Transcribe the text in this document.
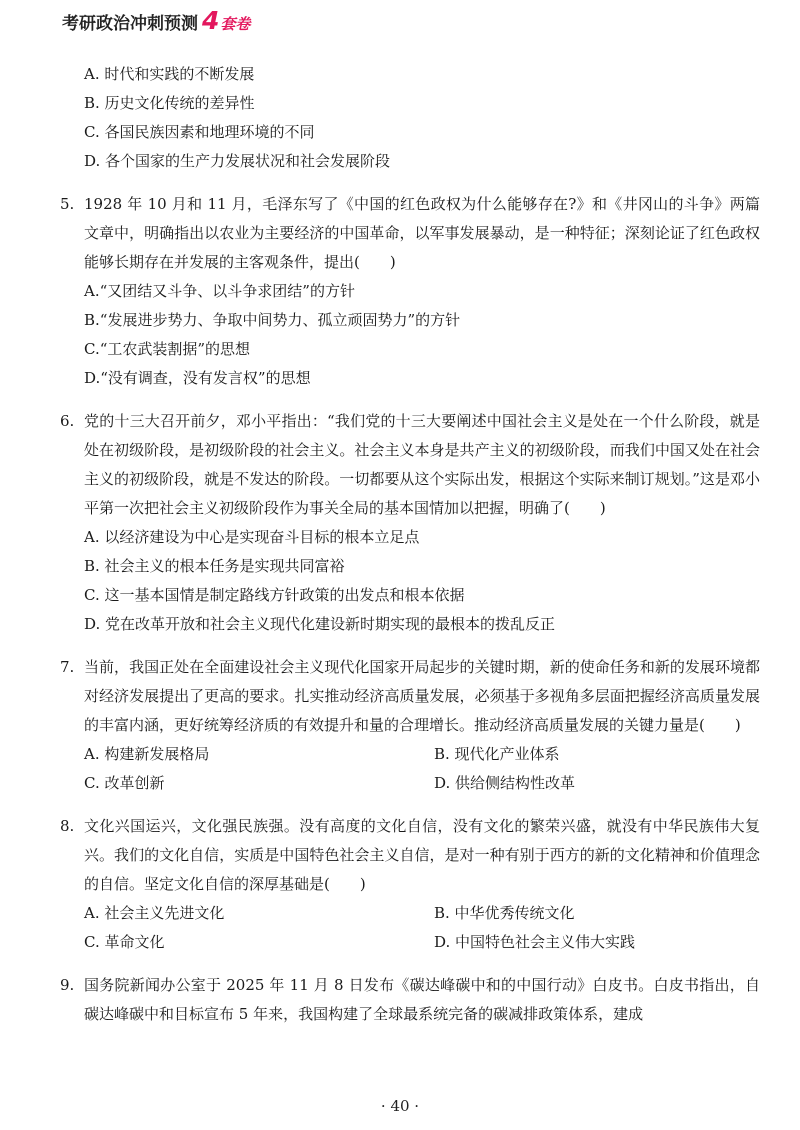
考研政治冲刺预测 4 套卷
A. 时代和实践的不断发展
B. 历史文化传统的差异性
C. 各国民族因素和地理环境的不同
D. 各个国家的生产力发展状况和社会发展阶段
5. 1928 年 10 月和 11 月，毛泽东写了《中国的红色政权为什么能够存在?》和《井冈山的斗争》两篇文章中，明确指出以农业为主要经济的中国革命，以军事发展暴动，是一种特征；深刻论证了红色政权能够长期存在并发展的主客观条件，提出(　　)
A.“又团结又斗争、以斗争求团结”的方针
B.“发展进步势力、争取中间势力、孤立顽固势力”的方针
C.“工农武装割据”的思想
D.“没有调查，没有发言权”的思想
6. 党的十三大召开前夕，邓小平指出：“我们党的十三大要阐述中国社会主义是处在一个什么阶段，就是处在初级阶段，是初级阶段的社会主义。社会主义本身是共产主义的初级阶段，而我们中国又处在社会主义的初级阶段，就是不发达的阶段。一切都要从这个实际出发，根据这个实际来制订规划。”这是邓小平第一次把社会主义初级阶段作为事关全局的基本国情加以把握，明确了(　　)
A. 以经济建设为中心是实现奋斗目标的根本立足点
B. 社会主义的根本任务是实现共同富裕
C. 这一基本国情是制定路线方针政策的出发点和根本依据
D. 党在改革开放和社会主义现代化建设新时期实现的最根本的拨乱反正
7. 当前，我国正处在全面建设社会主义现代化国家开局起步的关键时期，新的使命任务和新的发展环境都对经济发展提出了更高的要求。扎实推动经济高质量发展，必须基于多视角多层面把握经济高质量发展的丰富内涵，更好统筹经济质的有效提升和量的合理增长。推动经济高质量发展的关键力量是(　　)
A. 构建新发展格局	B. 现代化产业体系
C. 改革创新	D. 供给侧结构性改革
8. 文化兴国运兴，文化强民族强。没有高度的文化自信，没有文化的繁荣兴盛，就没有中华民族伟大复兴。我们的文化自信，实质是中国特色社会主义自信，是对一种有别于西方的新的文化精神和价值理念的自信。坚定文化自信的深厚基础是(　　)
A. 社会主义先进文化	B. 中华优秀传统文化
C. 革命文化	D. 中国特色社会主义伟大实践
9. 国务院新闻办公室于 2025 年 11 月 8 日发布《碳达峰碳中和的中国行动》白皮书。白皮书指出，自碳达峰碳中和目标宣布 5 年来，我国构建了全球最系统完备的碳减排政策体系，建成
· 40 ·
